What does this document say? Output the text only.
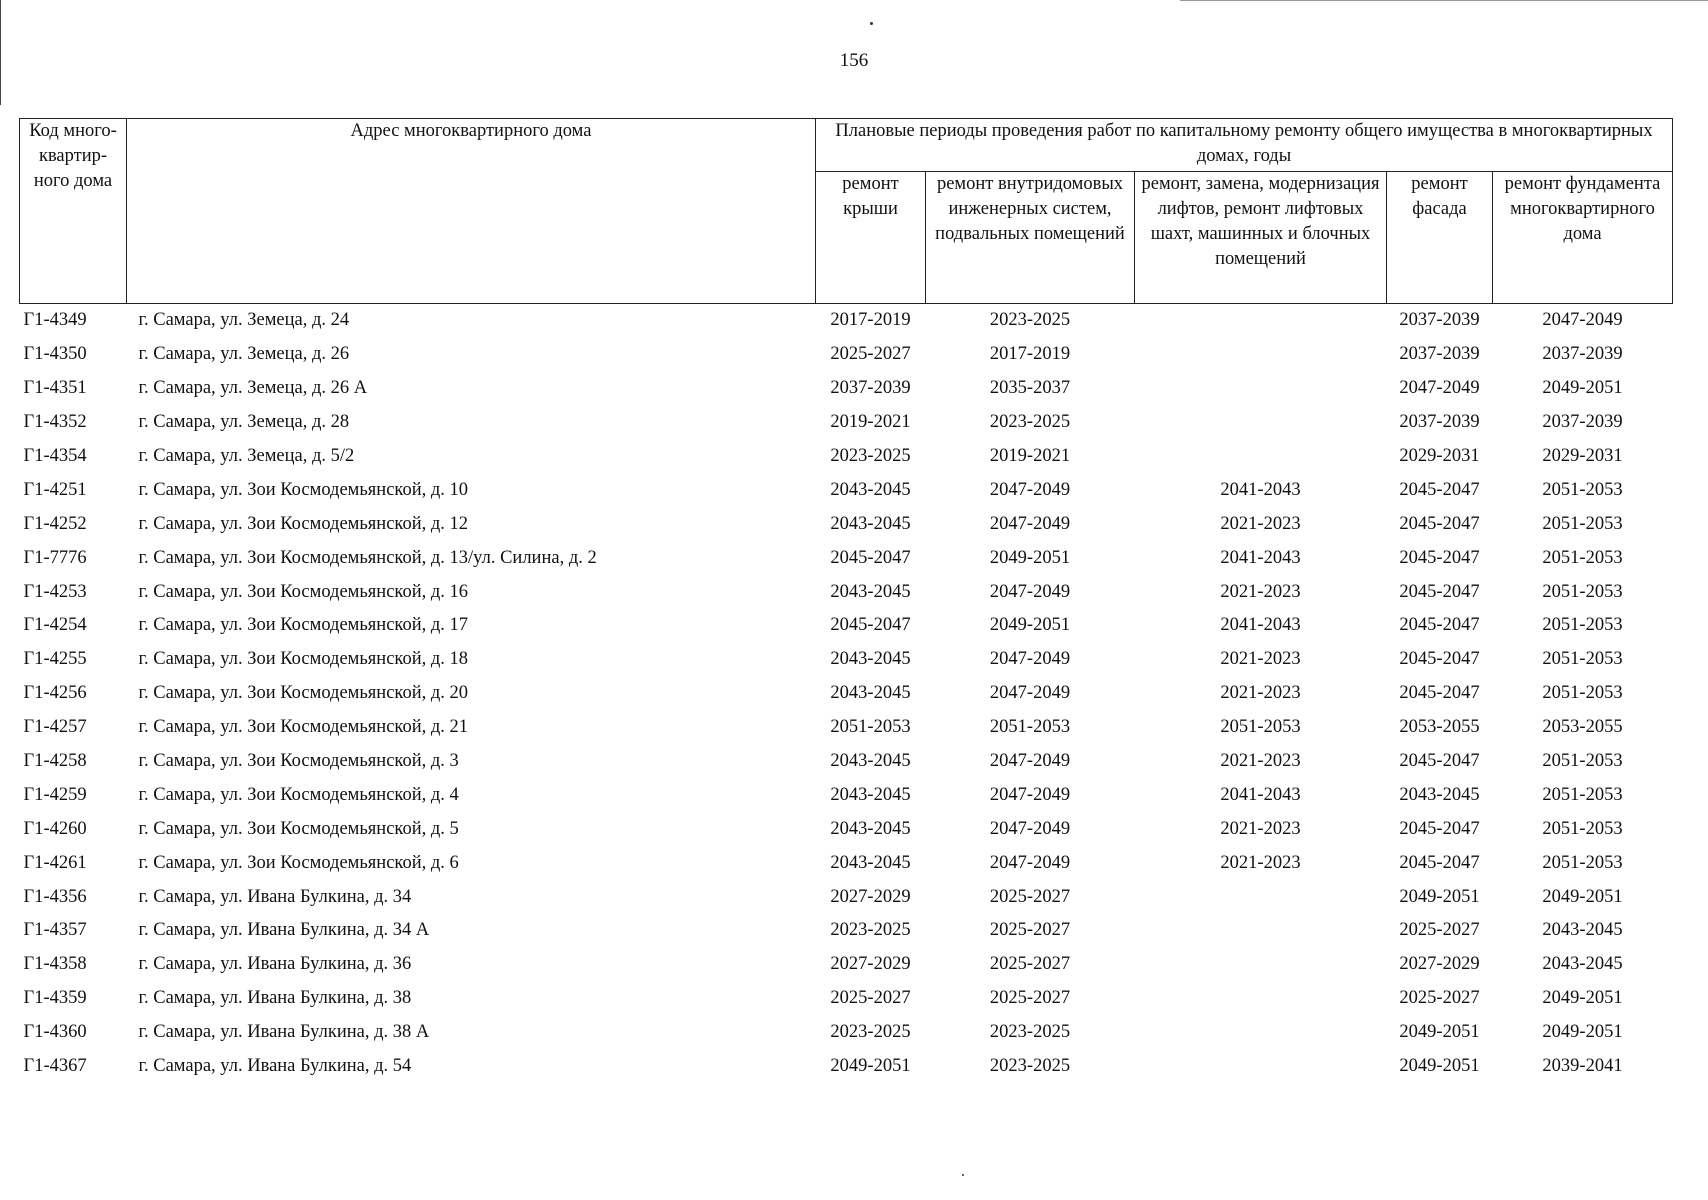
156
Код много-квартир-ного дома	Адрес многоквартирного дома	Плановые периоды проведения работ по капитальному ремонту общего имущества в многоквартирных домах, годы				
		ремонт крыши	ремонт внутридомовых инженерных систем, подвальных помещений	ремонт, замена, модернизация лифтов, ремонт лифтовых шахт, машинных и блочных помещений	ремонт фасада	ремонт фундамента многоквартирного дома
Г1-4349	г. Самара, ул. Земеца, д. 24	2017-2019	2023-2025		2037-2039	2047-2049
Г1-4350	г. Самара, ул. Земеца, д. 26	2025-2027	2017-2019		2037-2039	2037-2039
Г1-4351	г. Самара, ул. Земеца, д. 26 А	2037-2039	2035-2037		2047-2049	2049-2051
Г1-4352	г. Самара, ул. Земеца, д. 28	2019-2021	2023-2025		2037-2039	2037-2039
Г1-4354	г. Самара, ул. Земеца, д. 5/2	2023-2025	2019-2021		2029-2031	2029-2031
Г1-4251	г. Самара, ул. Зои Космодемьянской, д. 10	2043-2045	2047-2049	2041-2043	2045-2047	2051-2053
Г1-4252	г. Самара, ул. Зои Космодемьянской, д. 12	2043-2045	2047-2049	2021-2023	2045-2047	2051-2053
Г1-7776	г. Самара, ул. Зои Космодемьянской, д. 13/ул. Силина, д. 2	2045-2047	2049-2051	2041-2043	2045-2047	2051-2053
Г1-4253	г. Самара, ул. Зои Космодемьянской, д. 16	2043-2045	2047-2049	2021-2023	2045-2047	2051-2053
Г1-4254	г. Самара, ул. Зои Космодемьянской, д. 17	2045-2047	2049-2051	2041-2043	2045-2047	2051-2053
Г1-4255	г. Самара, ул. Зои Космодемьянской, д. 18	2043-2045	2047-2049	2021-2023	2045-2047	2051-2053
Г1-4256	г. Самара, ул. Зои Космодемьянской, д. 20	2043-2045	2047-2049	2021-2023	2045-2047	2051-2053
Г1-4257	г. Самара, ул. Зои Космодемьянской, д. 21	2051-2053	2051-2053	2051-2053	2053-2055	2053-2055
Г1-4258	г. Самара, ул. Зои Космодемьянской, д. 3	2043-2045	2047-2049	2021-2023	2045-2047	2051-2053
Г1-4259	г. Самара, ул. Зои Космодемьянской, д. 4	2043-2045	2047-2049	2041-2043	2043-2045	2051-2053
Г1-4260	г. Самара, ул. Зои Космодемьянской, д. 5	2043-2045	2047-2049	2021-2023	2045-2047	2051-2053
Г1-4261	г. Самара, ул. Зои Космодемьянской, д. 6	2043-2045	2047-2049	2021-2023	2045-2047	2051-2053
Г1-4356	г. Самара, ул. Ивана Булкина, д. 34	2027-2029	2025-2027		2049-2051	2049-2051
Г1-4357	г. Самара, ул. Ивана Булкина, д. 34 А	2023-2025	2025-2027		2025-2027	2043-2045
Г1-4358	г. Самара, ул. Ивана Булкина, д. 36	2027-2029	2025-2027		2027-2029	2043-2045
Г1-4359	г. Самара, ул. Ивана Булкина, д. 38	2025-2027	2025-2027		2025-2027	2049-2051
Г1-4360	г. Самара, ул. Ивана Булкина, д. 38 А	2023-2025	2023-2025		2049-2051	2049-2051
Г1-4367	г. Самара, ул. Ивана Булкина, д. 54	2049-2051	2023-2025		2049-2051	2039-2041
